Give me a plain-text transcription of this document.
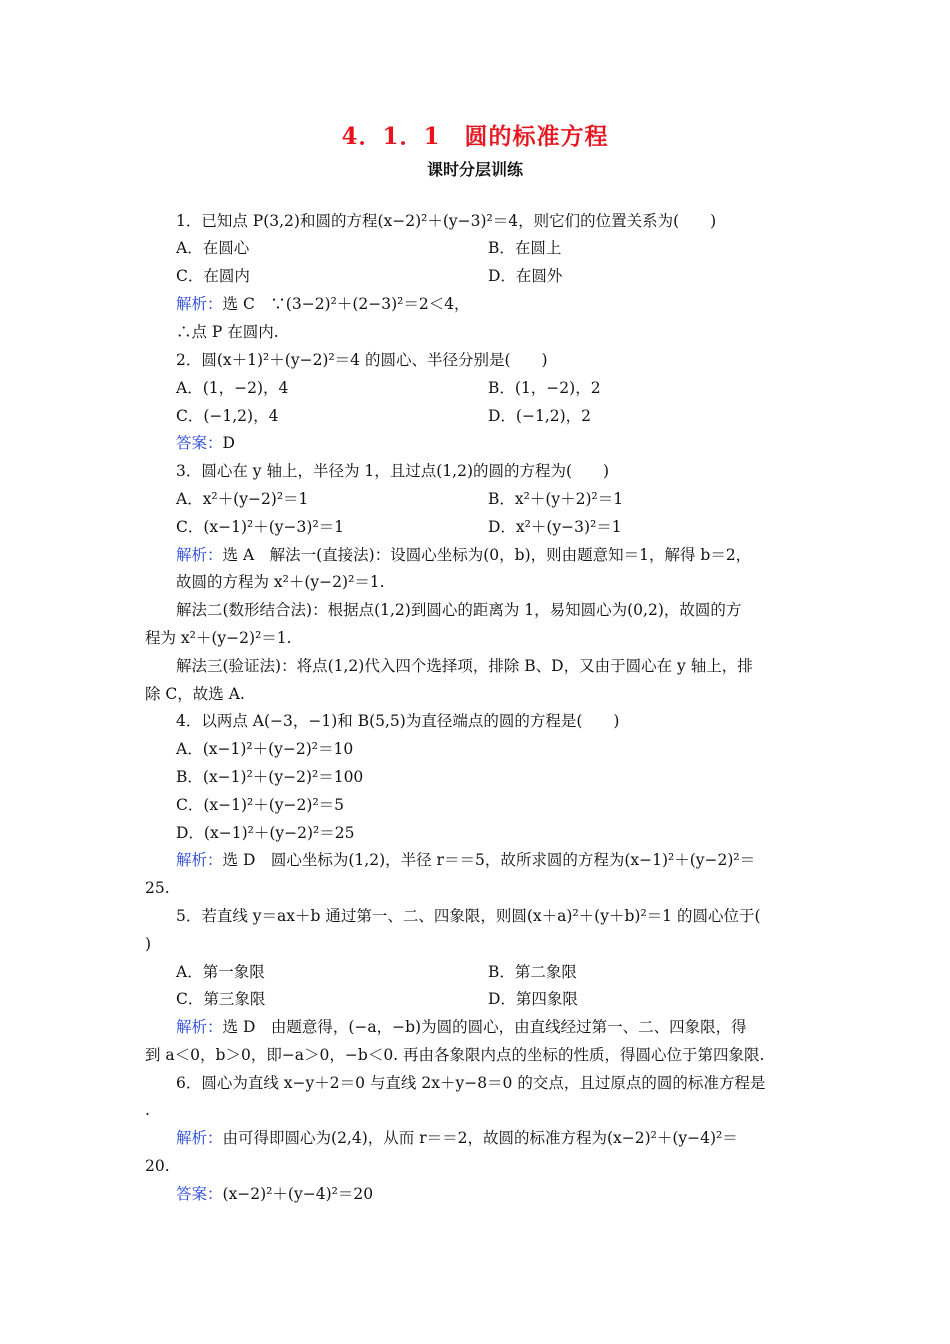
4．1．1　圆的标准方程
课时分层训练
1．已知点 P(3,2)和圆的方程(x−2)²＋(y−3)²＝4，则它们的位置关系为(　　)
A．在圆心	B．在圆上
C．在圆内	D．在圆外
解析：选 C　∵(3−2)²＋(2−3)²＝2＜4，
∴点 P 在圆内.
2．圆(x＋1)²＋(y−2)²＝4 的圆心、半径分别是(　　)
A．(1，−2)，4	B．(1，−2)，2
C．(−1,2)，4	D．(−1,2)，2
答案：D
3．圆心在 y 轴上，半径为 1，且过点(1,2)的圆的方程为(　　)
A．x²＋(y−2)²＝1	B．x²＋(y＋2)²＝1
C．(x−1)²＋(y−3)²＝1	D．x²＋(y−3)²＝1
解析：选 A　解法一(直接法)：设圆心坐标为(0，b)，则由题意知＝1，解得 b＝2，
故圆的方程为 x²＋(y−2)²＝1.
解法二(数形结合法)：根据点(1,2)到圆心的距离为 1，易知圆心为(0,2)，故圆的方
程为 x²＋(y−2)²＝1.
解法三(验证法)：将点(1,2)代入四个选择项，排除 B、D，又由于圆心在 y 轴上，排
除 C，故选 A.
4．以两点 A(−3，−1)和 B(5,5)为直径端点的圆的方程是(　　)
A．(x−1)²＋(y−2)²＝10
B．(x−1)²＋(y−2)²＝100
C．(x−1)²＋(y−2)²＝5
D．(x−1)²＋(y−2)²＝25
解析：选 D　圆心坐标为(1,2)，半径 r＝＝5，故所求圆的方程为(x−1)²＋(y−2)²＝
25.
5．若直线 y＝ax＋b 通过第一、二、四象限，则圆(x＋a)²＋(y＋b)²＝1 的圆心位于(
)
A．第一象限	B．第二象限
C．第三象限	D．第四象限
解析：选 D　由题意得，(−a，−b)为圆的圆心，由直线经过第一、二、四象限，得
到 a＜0，b＞0，即−a＞0，−b＜0. 再由各象限内点的坐标的性质，得圆心位于第四象限.
6．圆心为直线 x−y＋2＝0 与直线 2x＋y−8＝0 的交点，且过原点的圆的标准方程是
.
解析：由可得即圆心为(2,4)，从而 r＝＝2，故圆的标准方程为(x−2)²＋(y−4)²＝
20.
答案：(x−2)²＋(y−4)²＝20
